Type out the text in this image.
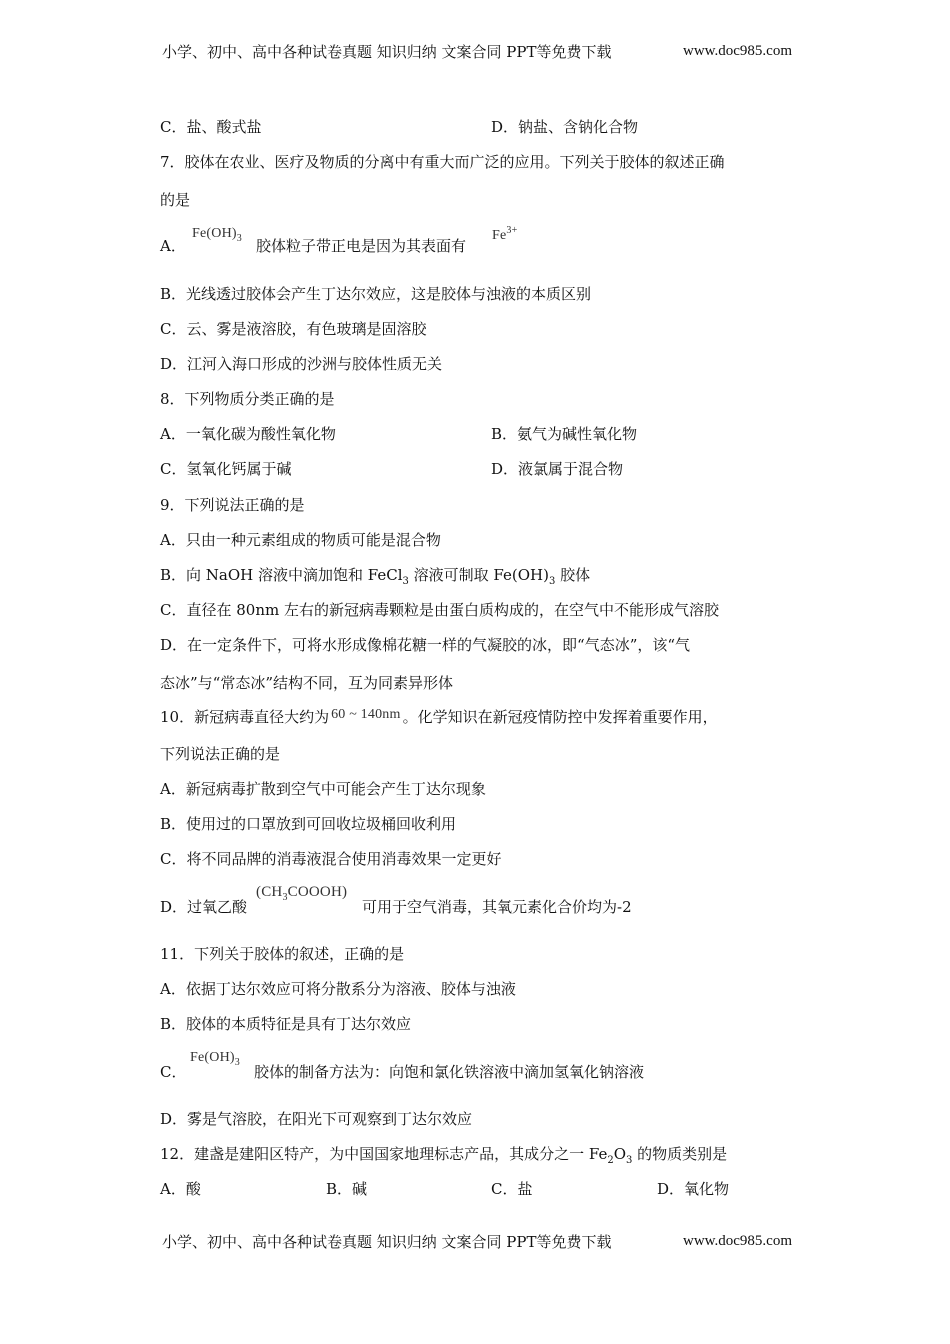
小学、初中、高中各种试卷真题 知识归纳 文案合同 PPT等免费下载	www.doc985.com
C．盐、酸式盐	D．钠盐、含钠化合物
7．胶体在农业、医疗及物质的分离中有重大而广泛的应用。下列关于胶体的叙述正确
的是
A．
$Fe(OH)_3$ 胶体粒子带正电是因为其表面有
$Fe^{3+}$
B．光线透过胶体会产生丁达尔效应，这是胶体与浊液的本质区别
C．云、雾是液溶胶，有色玻璃是固溶胶
D．江河入海口形成的沙洲与胶体性质无关
8．下列物质分类正确的是
A．一氧化碳为酸性氧化物	B．氨气为碱性氧化物
C．氢氧化钙属于碱	D．液氯属于混合物
9．下列说法正确的是
A．只由一种元素组成的物质可能是混合物
B．向 NaOH 溶液中滴加饱和 FeCl$_3$ 溶液可制取 $Fe(OH)_3$ 胶体
C．直径在 80nm 左右的新冠病毒颗粒是由蛋白质构成的，在空气中不能形成气溶胶
D．在一定条件下，可将水形成像棉花糖一样的气凝胶的冰，即“气态冰”，该“气
态冰”与“常态冰”结构不同，互为同素异形体
10．新冠病毒直径大约为 60 ~ 140nm 。化学知识在新冠疫情防控中发挥着重要作用，
下列说法正确的是
A．新冠病毒扩散到空气中可能会产生丁达尔现象
B．使用过的口罩放到可回收垃圾桶回收利用
C．将不同品牌的消毒液混合使用消毒效果一定更好
D．过氧乙酸
$(CH_3COOOH)$
可用于空气消毒，其氧元素化合价均为-2
11．下列关于胶体的叙述，正确的是
A．依据丁达尔效应可将分散系分为溶液、胶体与浊液
B．胶体的本质特征是具有丁达尔效应
C．
$Fe(OH)_3$
胶体的制备方法为：向饱和氯化铁溶液中滴加氢氧化钠溶液
D．雾是气溶胶，在阳光下可观察到丁达尔效应
12．建盏是建阳区特产，为中国国家地理标志产品，其成分之一 $Fe_2O_3$ 的物质类别是
A．酸	B．碱	C．盐	D．氧化物
小学、初中、高中各种试卷真题 知识归纳 文案合同 PPT等免费下载	www.doc985.com
